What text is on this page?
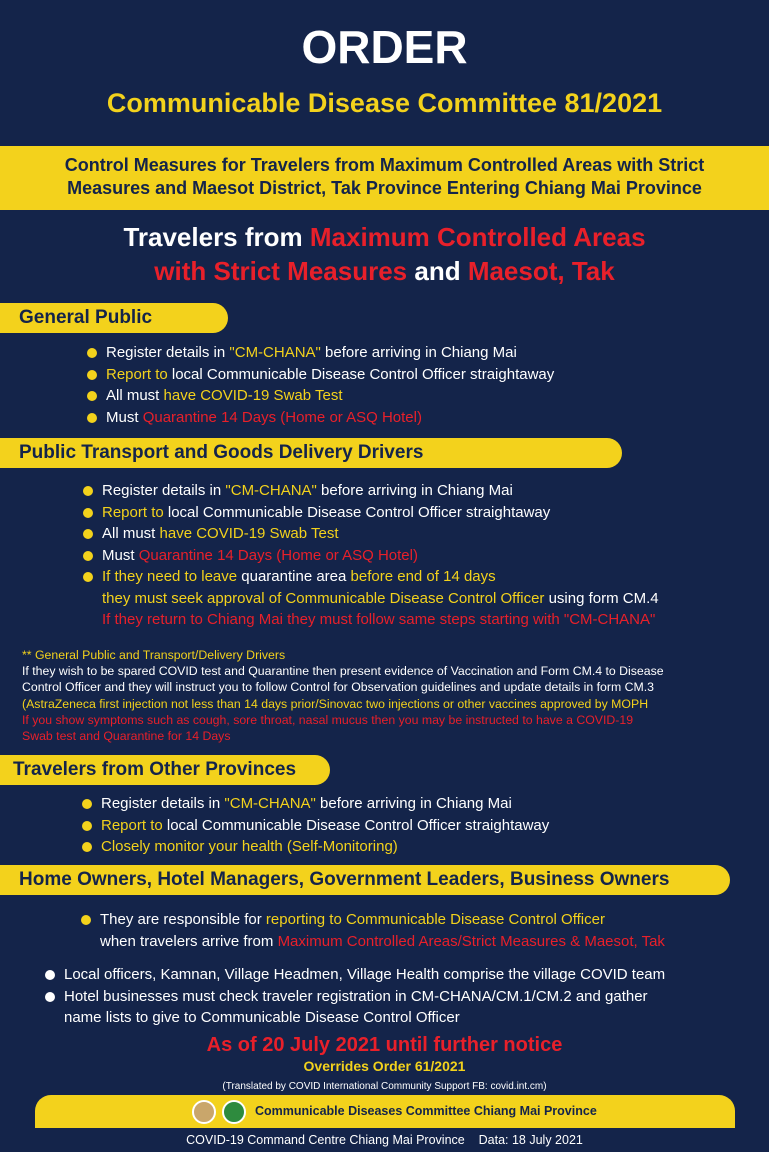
ORDER
Communicable Disease Committee 81/2021
Control Measures for Travelers from Maximum Controlled Areas with Strict
Measures and Maesot District, Tak Province Entering Chiang Mai Province
Travelers from Maximum Controlled Areas
with Strict Measures and Maesot, Tak
General Public
Register details in "CM-CHANA" before arriving in Chiang Mai
Report to local Communicable Disease Control Officer straightaway
All must have COVID-19 Swab Test
Must Quarantine 14 Days (Home or ASQ Hotel)
Public Transport and Goods Delivery Drivers
Register details in "CM-CHANA" before arriving in Chiang Mai
Report to local Communicable Disease Control Officer straightaway
All must have COVID-19 Swab Test
Must Quarantine 14 Days (Home or ASQ Hotel)
If they need to leave quarantine area before end of 14 days
they must seek approval of Communicable Disease Control Officer using form CM.4
If they return to Chiang Mai they must follow same steps starting with "CM-CHANA"
** General Public and Transport/Delivery Drivers
If they wish to be spared COVID test and Quarantine then present evidence of Vaccination and Form CM.4 to Disease
Control Officer and they will instruct you to follow Control for Observation guidelines and update details in form CM.3
(AstraZeneca first injection not less than 14 days prior/Sinovac two injections or other vaccines approved by MOPH
If you show symptoms such as cough, sore throat, nasal mucus then you may be instructed to have a COVID-19
Swab test and Quarantine for 14 Days
Travelers from Other Provinces
Register details in "CM-CHANA" before arriving in Chiang Mai
Report to local Communicable Disease Control Officer straightaway
Closely monitor your health (Self-Monitoring)
Home Owners, Hotel Managers, Government Leaders, Business Owners
They are responsible for reporting to Communicable Disease Control Officer
when travelers arrive from Maximum Controlled Areas/Strict Measures & Maesot, Tak
Local officers, Kamnan, Village Headmen, Village Health comprise the village COVID team
Hotel businesses must check traveler registration in CM-CHANA/CM.1/CM.2 and gather
name lists to give to Communicable Disease Control Officer
As of 20 July 2021 until further notice
Overrides Order 61/2021
(Translated by COVID International Community Support FB: covid.int.cm)
Communicable Diseases Committee Chiang Mai Province
COVID-19 Command Centre Chiang Mai Province    Data: 18 July 2021
